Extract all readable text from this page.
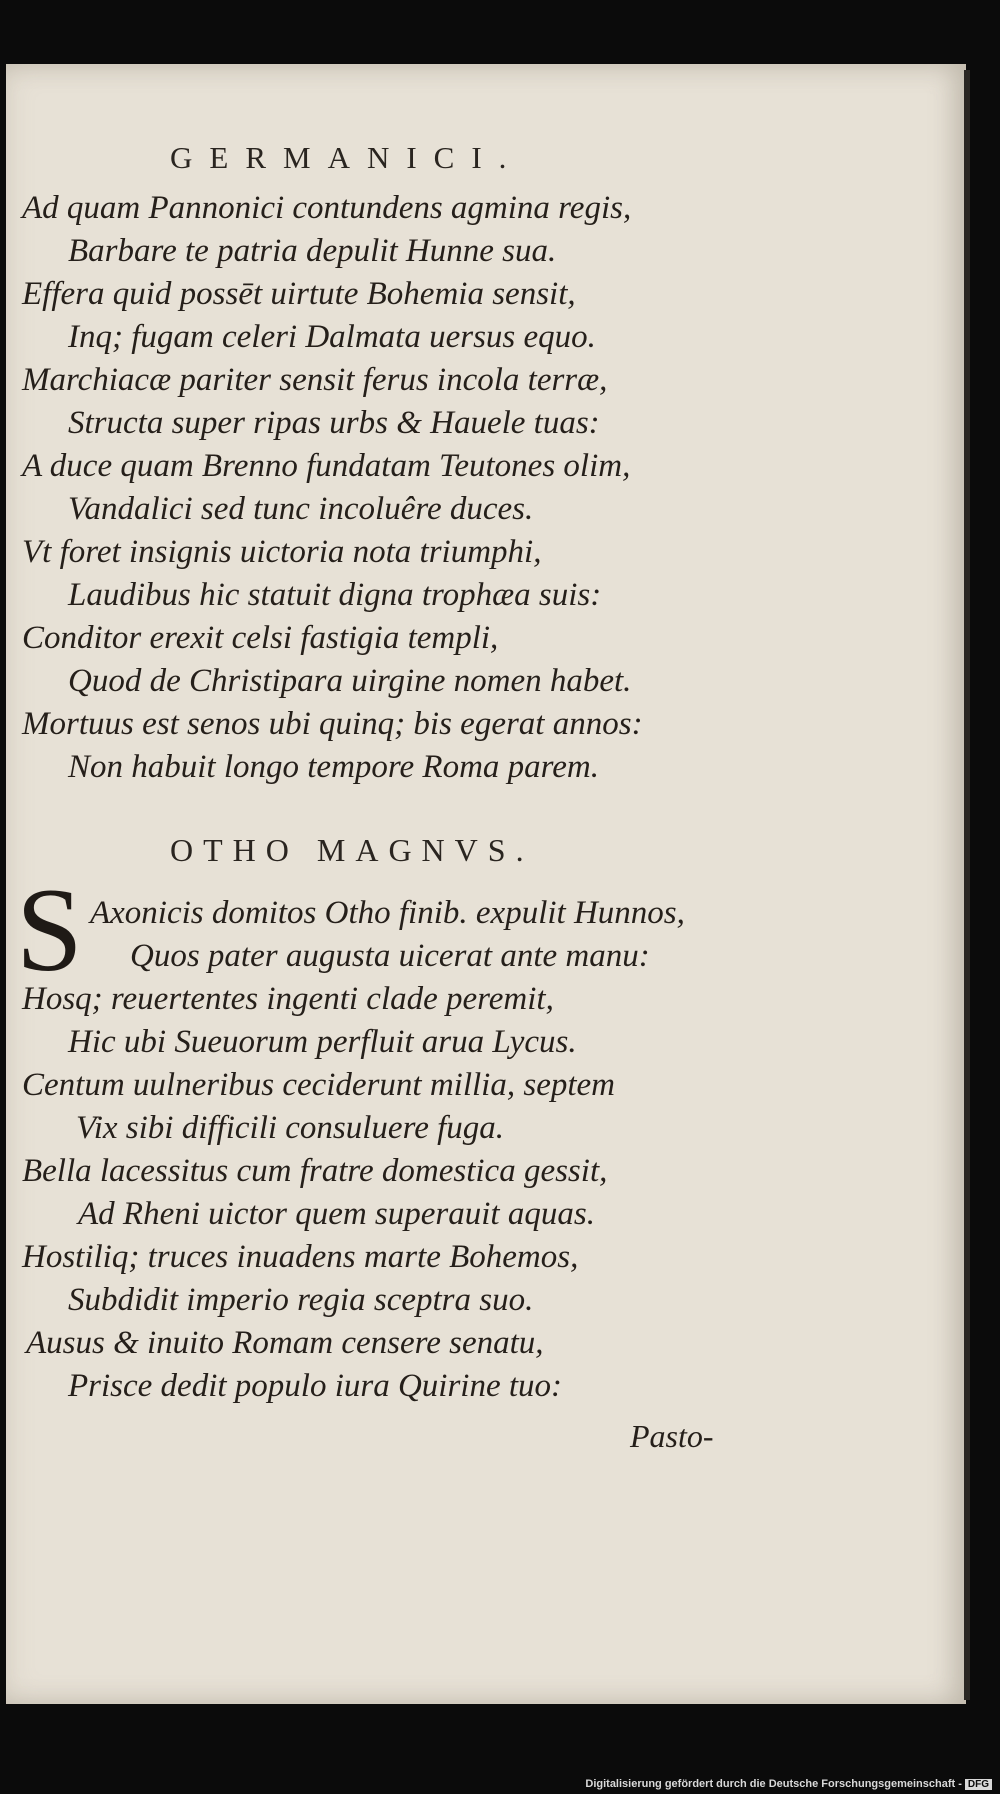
GERMANICI.
Ad quam Pannonici contundens agmina regis,
Barbare te patria depulit Hunne sua.
Effera quid possēt uirtute Bohemia sensit,
Inq; fugam celeri Dalmata uersus equo.
Marchiacæ pariter sensit ferus incola terræ,
Structa super ripas urbs & Hauele tuas:
A duce quam Brenno fundatam Teutones olim,
Vandalici sed tunc incoluêre duces.
Vt foret insignis uictoria nota triumphi,
Laudibus hic statuit digna trophæa suis:
Conditor erexit celsi fastigia templi,
Quod de Christipara uirgine nomen habet.
Mortuus est senos ubi quinq; bis egerat annos:
Non habuit longo tempore Roma parem.
OTHO MAGNVS.
S Axonicis domitos Otho finib. expulit Hunnos,
Quos pater augusta uicerat ante manu:
Hosq; reuertentes ingenti clade peremit,
Hic ubi Sueuorum perfluit arua Lycus.
Centum uulneribus ceciderunt millia, septem
Vix sibi difficili consuluere fuga.
Bella lacessitus cum fratre domestica gessit,
Ad Rheni uictor quem superauit aquas.
Hostiliq; truces inuadens marte Bohemos,
Subdidit imperio regia sceptra suo.
Ausus & inuito Romam censere senatu,
Prisce dedit populo iura Quirine tuo:
Pasto-
Digitalisierung gefördert durch die Deutsche Forschungsgemeinschaft - DFG
